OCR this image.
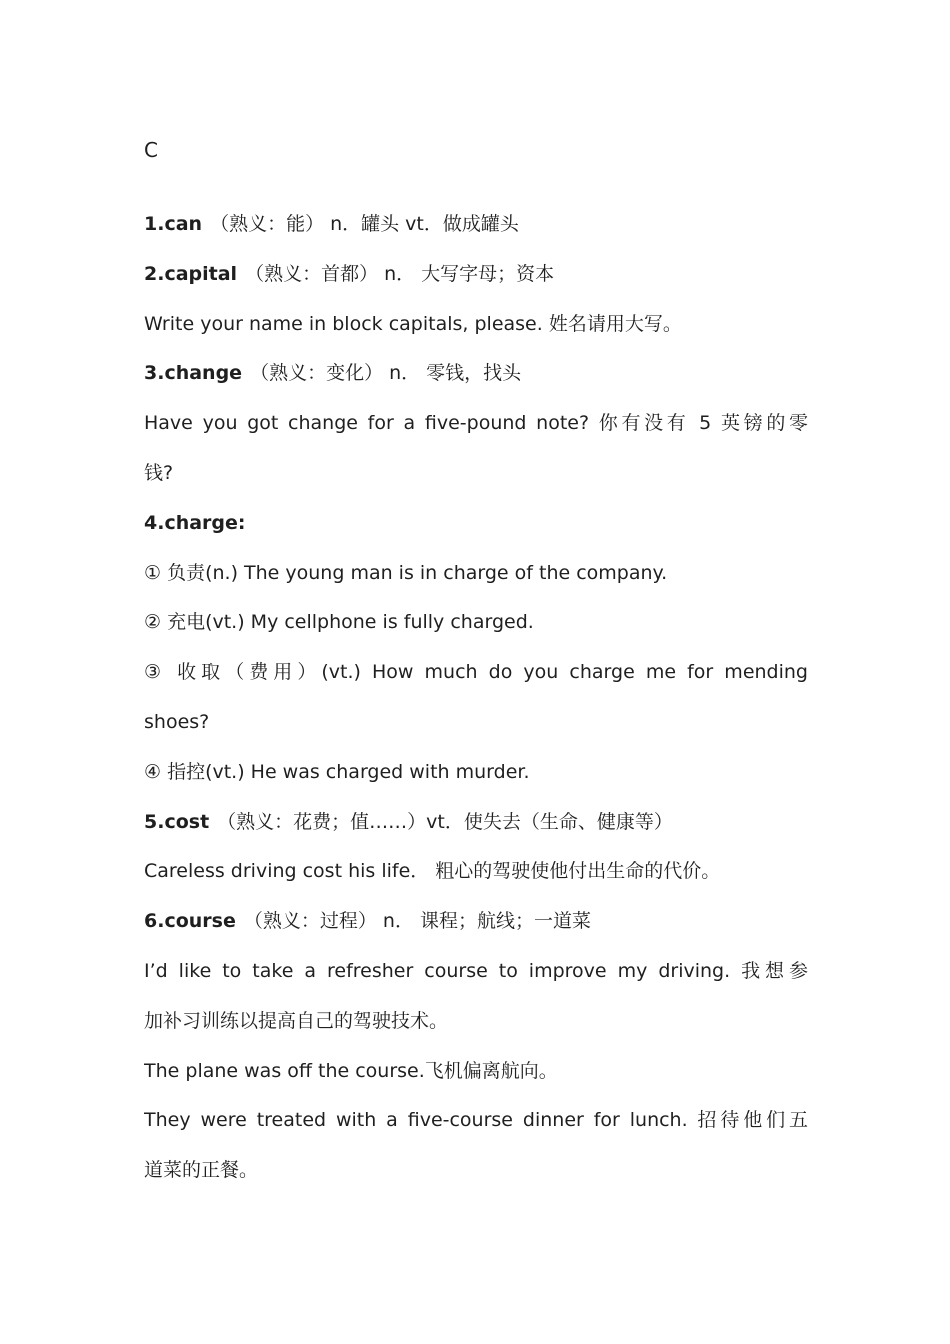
C
1.can （熟义：能） n．罐头 vt．做成罐头
2.capital （熟义：首都） n． 大写字母；资本
Write your name in block capitals, please. 姓名请用大写。
3.change （熟义：变化） n． 零钱，找头
Have you got change for a five-pound note? 你有没有 5 英镑的零
钱?
4.charge:
① 负责(n.) The young man is in charge of the company.
② 充电(vt.) My cellphone is fully charged.
③ 收取（费用）(vt.) How much do you charge me for mending
shoes?
④ 指控(vt.) He was charged with murder.
5.cost （熟义：花费；值……）vt．使失去（生命、健康等）
Careless driving cost his life． 粗心的驾驶使他付出生命的代价。
6.course （熟义：过程） n． 课程；航线；一道菜
I’d like to take a refresher course to improve my driving. 我想参
加补习训练以提高自己的驾驶技术。
The plane was off the course.飞机偏离航向。
They were treated with a five-course dinner for lunch. 招待他们五
道菜的正餐。
